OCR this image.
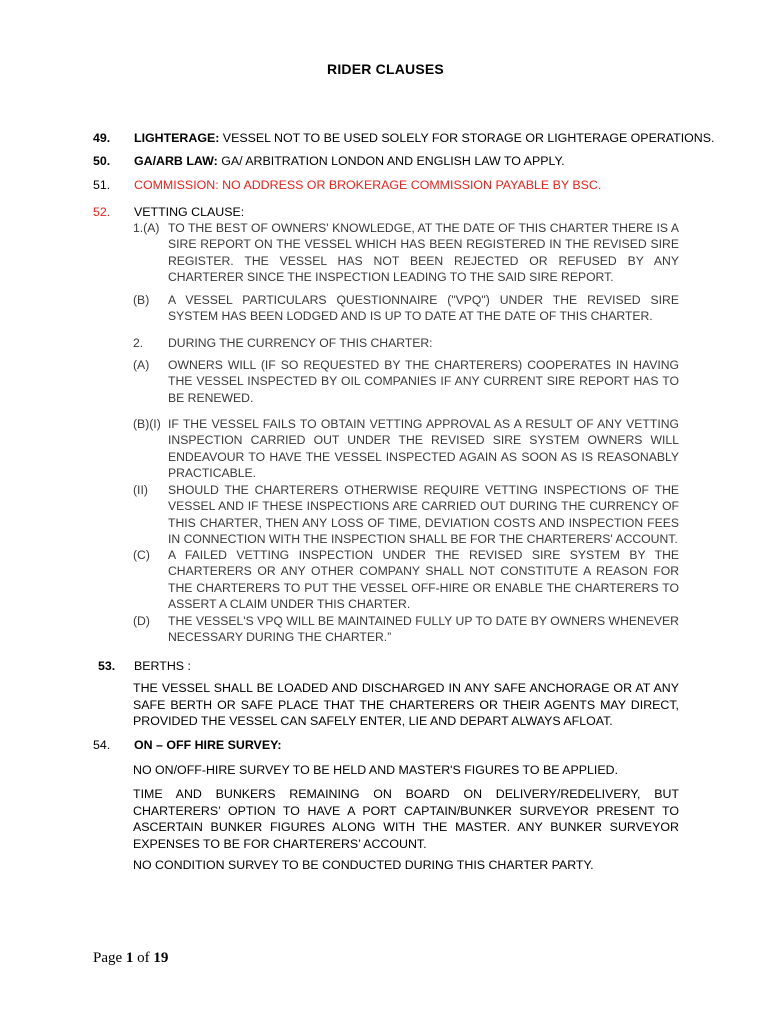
RIDER CLAUSES
49. LIGHTERAGE: VESSEL NOT TO BE USED SOLELY FOR STORAGE OR LIGHTERAGE OPERATIONS.
50. GA/ARB LAW: GA/ ARBITRATION LONDON AND ENGLISH LAW TO APPLY.
51. COMMISSION: NO ADDRESS OR BROKERAGE COMMISSION PAYABLE BY BSC.
52. VETTING CLAUSE:
1.(A) TO THE BEST OF OWNERS' KNOWLEDGE, AT THE DATE OF THIS CHARTER THERE IS A SIRE REPORT ON THE VESSEL WHICH HAS BEEN REGISTERED IN THE REVISED SIRE REGISTER. THE VESSEL HAS NOT BEEN REJECTED OR REFUSED BY ANY CHARTERER SINCE THE INSPECTION LEADING TO THE SAID SIRE REPORT.
(B) A VESSEL PARTICULARS QUESTIONNAIRE ("VPQ") UNDER THE REVISED SIRE SYSTEM HAS BEEN LODGED AND IS UP TO DATE AT THE DATE OF THIS CHARTER.
2. DURING THE CURRENCY OF THIS CHARTER:
(A) OWNERS WILL (IF SO REQUESTED BY THE CHARTERERS) COOPERATES IN HAVING THE VESSEL INSPECTED BY OIL COMPANIES IF ANY CURRENT SIRE REPORT HAS TO BE RENEWED.
(B)(I) IF THE VESSEL FAILS TO OBTAIN VETTING APPROVAL AS A RESULT OF ANY VETTING INSPECTION CARRIED OUT UNDER THE REVISED SIRE SYSTEM OWNERS WILL ENDEAVOUR TO HAVE THE VESSEL INSPECTED AGAIN AS SOON AS IS REASONABLY PRACTICABLE.
(II) SHOULD THE CHARTERERS OTHERWISE REQUIRE VETTING INSPECTIONS OF THE VESSEL AND IF THESE INSPECTIONS ARE CARRIED OUT DURING THE CURRENCY OF THIS CHARTER, THEN ANY LOSS OF TIME, DEVIATION COSTS AND INSPECTION FEES IN CONNECTION WITH THE INSPECTION SHALL BE FOR THE CHARTERERS' ACCOUNT.
(C) A FAILED VETTING INSPECTION UNDER THE REVISED SIRE SYSTEM BY THE CHARTERERS OR ANY OTHER COMPANY SHALL NOT CONSTITUTE A REASON FOR THE CHARTERERS TO PUT THE VESSEL OFF-HIRE OR ENABLE THE CHARTERERS TO ASSERT A CLAIM UNDER THIS CHARTER.
(D) THE VESSEL'S VPQ WILL BE MAINTAINED FULLY UP TO DATE BY OWNERS WHENEVER NECESSARY DURING THE CHARTER.”
53. BERTHS :
THE VESSEL SHALL BE LOADED AND DISCHARGED IN ANY SAFE ANCHORAGE OR AT ANY SAFE BERTH OR SAFE PLACE THAT THE CHARTERERS OR THEIR AGENTS MAY DIRECT, PROVIDED THE VESSEL CAN SAFELY ENTER, LIE AND DEPART ALWAYS AFLOAT.
54. ON – OFF HIRE SURVEY:
NO ON/OFF-HIRE SURVEY TO BE HELD AND MASTER'S FIGURES TO BE APPLIED.
TIME AND BUNKERS REMAINING ON BOARD ON DELIVERY/REDELIVERY, BUT CHARTERERS’ OPTION TO HAVE A PORT CAPTAIN/BUNKER SURVEYOR PRESENT TO ASCERTAIN BUNKER FIGURES ALONG WITH THE MASTER. ANY BUNKER SURVEYOR EXPENSES TO BE FOR CHARTERERS’ ACCOUNT.
NO CONDITION SURVEY TO BE CONDUCTED DURING THIS CHARTER PARTY.
Page 1 of 19
